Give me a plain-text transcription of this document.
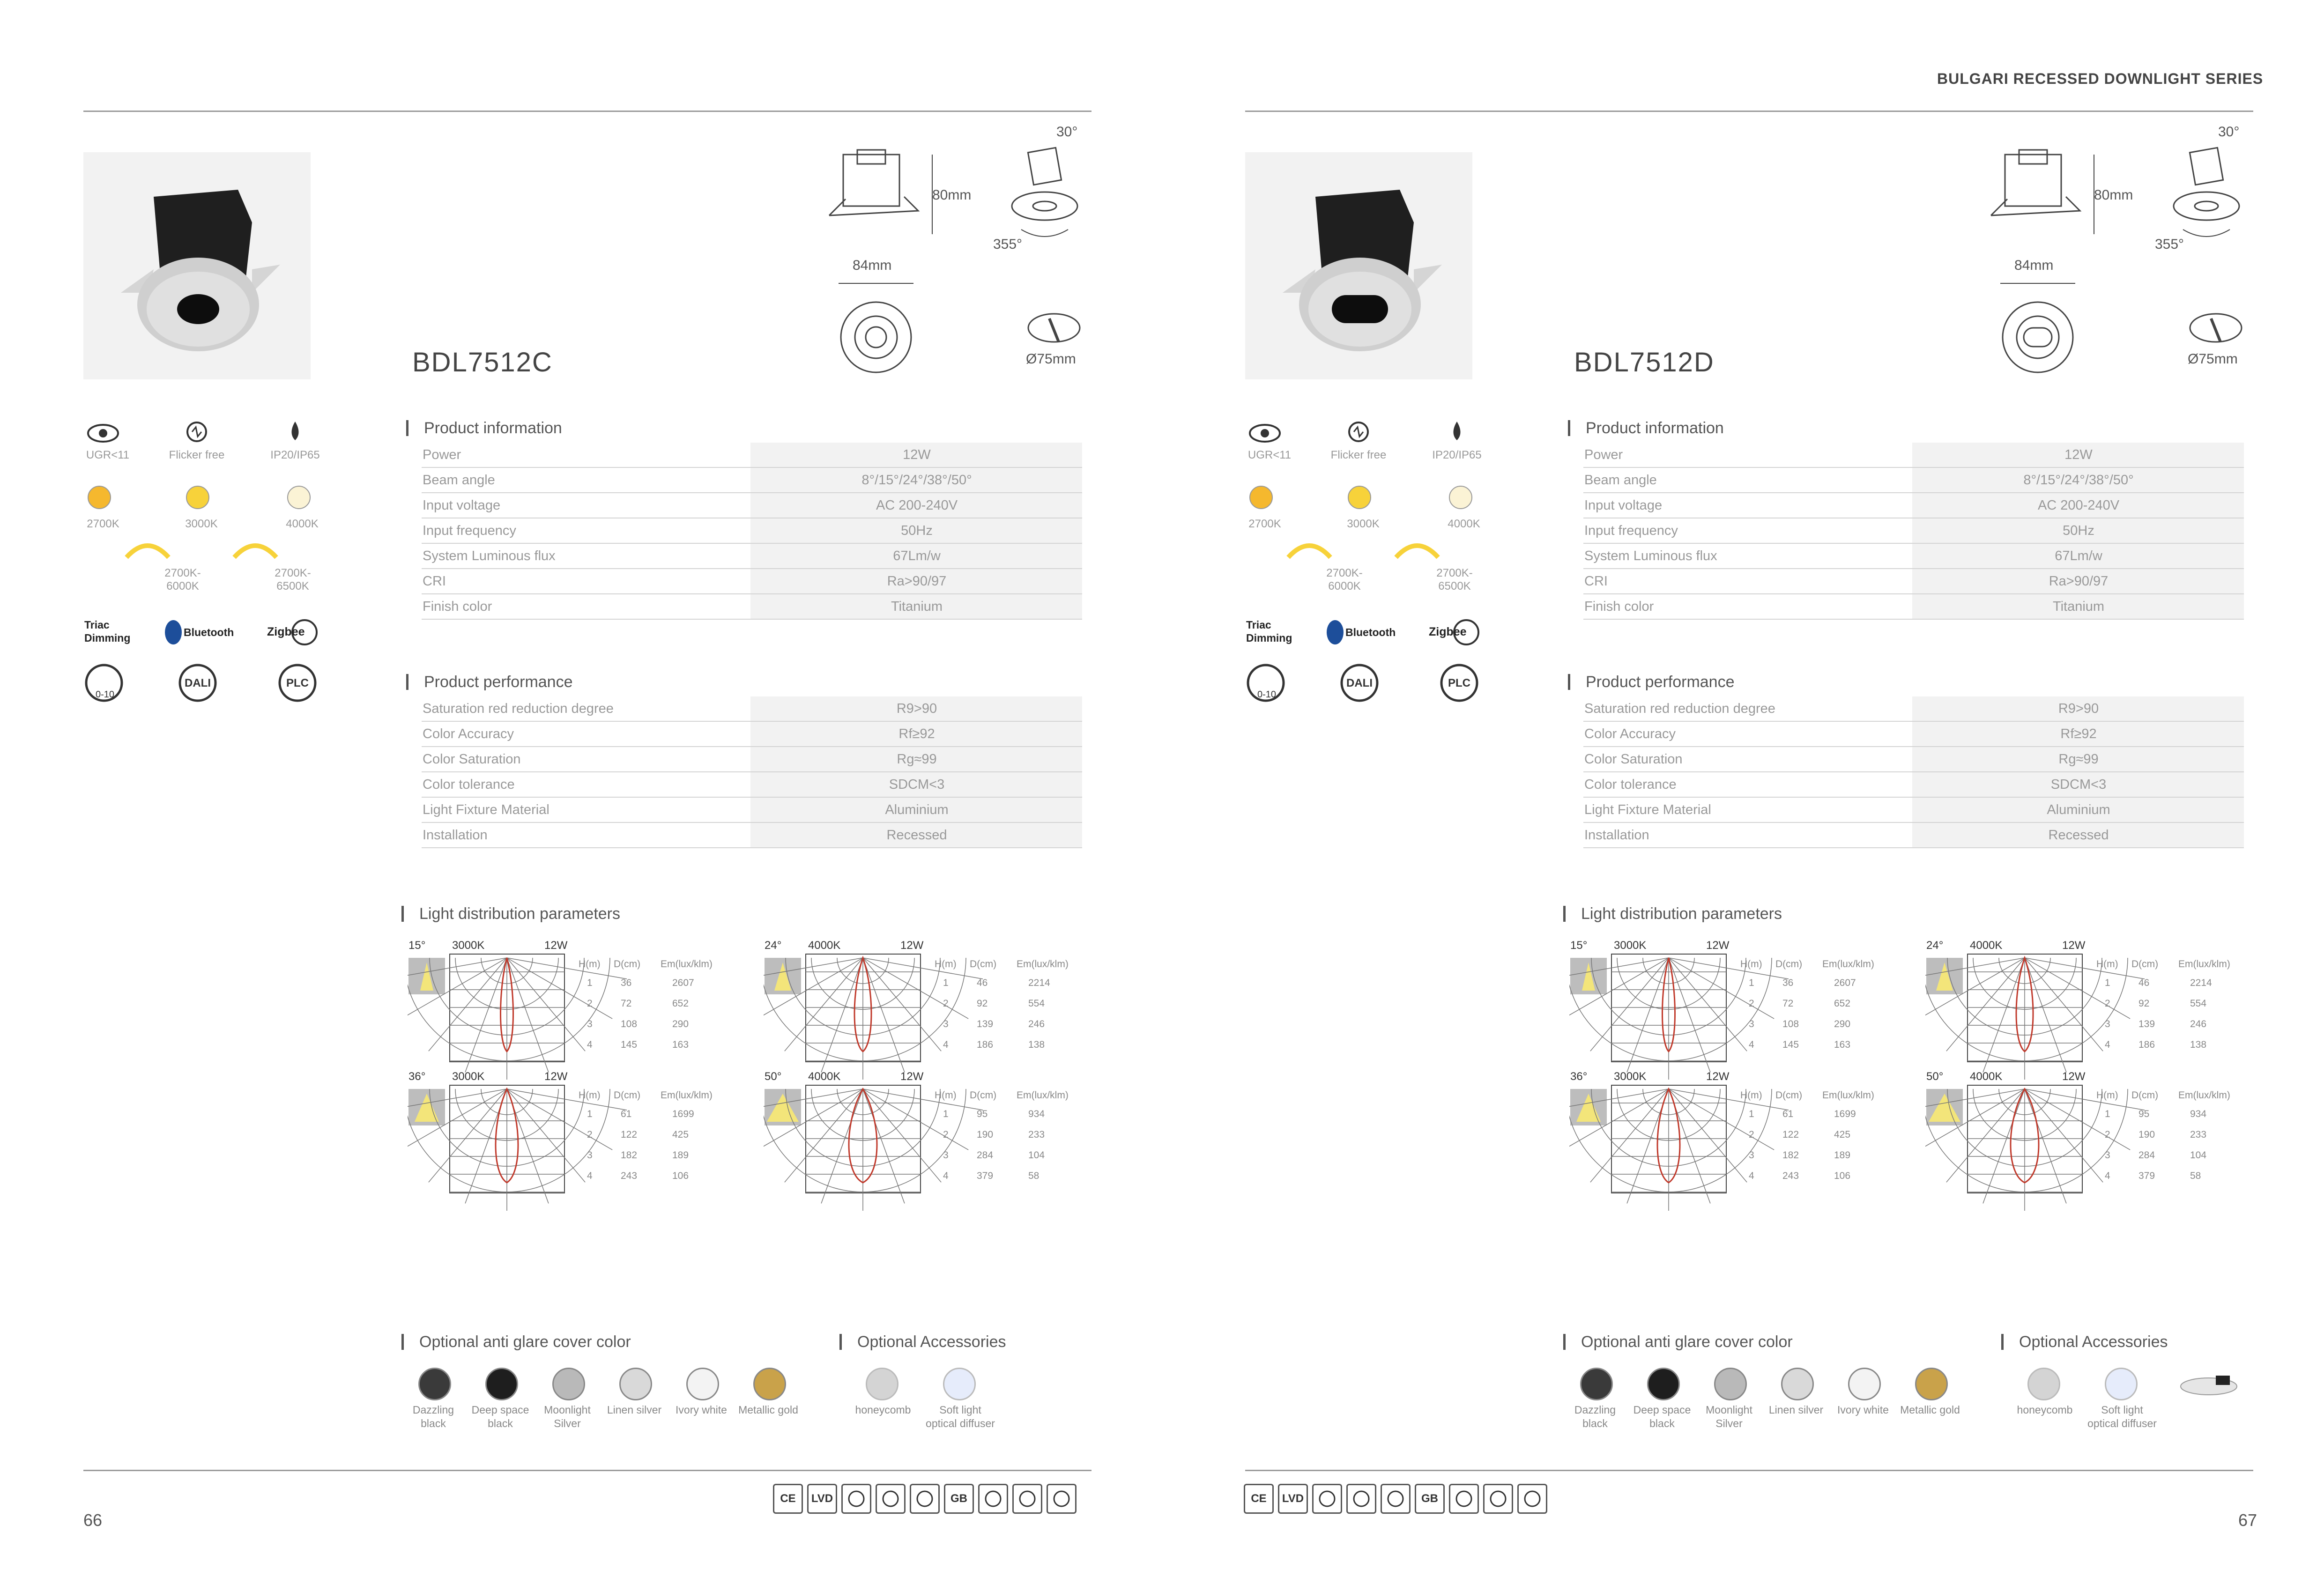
BULGARI RECESSED DOWNLIGHT SERIES
BDL7512C
80mm
84mm
30°
355°
Ø75mm
UGR<11	Flicker free	IP20/IP65
2700K	3000K	4000K
2700K-6000K
2700K-6500K
Triac Dimming	Bluetooth	Zigbee
0-10
DALI	PLC
Product information
Power	12W
Beam angle	8°/15°/24°/38°/50°
Input voltage	AC 200-240V
Input frequency	50Hz
System Luminous flux	67Lm/w
CRI	Ra>90/97
Finish color	Titanium
Product performance
Saturation red reduction degree	R9>90
Color Accuracy	Rf≥92
Color Saturation	Rg≈99
Color tolerance	SDCM<3
Light Fixture Material	Aluminium
Installation	Recessed
Light distribution parameters
15° 3000K	12W
H(m) D(cm) Em(lux/klm)
1	36	2607
2	72	652
3	108	290
4	145	163
24° 4000K	12W
H(m) D(cm) Em(lux/klm)
1	46	2214
2	92	554
3	139	246
4	186	138
36° 3000K	12W
H(m) D(cm) Em(lux/klm)
1	61	1699
2	122	425
3	182	189
4	243	106
50° 4000K	12W
H(m) D(cm) Em(lux/klm)
1	95	934
2	190	233
3	284	104
4	379	58
Optional anti glare cover color
Dazzling black
Deep space black
Moonlight Silver
Linen silver	Ivory white	Metallic gold
Optional Accessories
honeycomb	Soft light optical diffuser
66
CE	LVD	GB
BDL7512D
80mm
84mm
30°
355°
Ø75mm
UGR<11	Flicker free	IP20/IP65
2700K	3000K	4000K
2700K-6000K
2700K-6500K
Triac Dimming	Bluetooth	Zigbee
0-10
DALI	PLC
Product information
Power	12W
Beam angle	8°/15°/24°/38°/50°
Input voltage	AC 200-240V
Input frequency	50Hz
System Luminous flux	67Lm/w
CRI	Ra>90/97
Finish color	Titanium
Product performance
Saturation red reduction degree	R9>90
Color Accuracy	Rf≥92
Color Saturation	Rg≈99
Color tolerance	SDCM<3
Light Fixture Material	Aluminium
Installation	Recessed
Light distribution parameters
15° 3000K	12W
H(m) D(cm) Em(lux/klm)
1	36	2607
2	72	652
3	108	290
4	145	163
24° 4000K	12W
H(m) D(cm) Em(lux/klm)
1	46	2214
2	92	554
3	139	246
4	186	138
36° 3000K	12W
H(m) D(cm) Em(lux/klm)
1	61	1699
2	122	425
3	182	189
4	243	106
50° 4000K	12W
H(m) D(cm) Em(lux/klm)
1	95	934
2	190	233
3	284	104
4	379	58
Optional anti glare cover color
Dazzling black
Deep space black
Moonlight Silver
Linen silver	Ivory white	Metallic gold
Optional Accessories
honeycomb	Soft light optical diffuser
67
CE	LVD	GB
